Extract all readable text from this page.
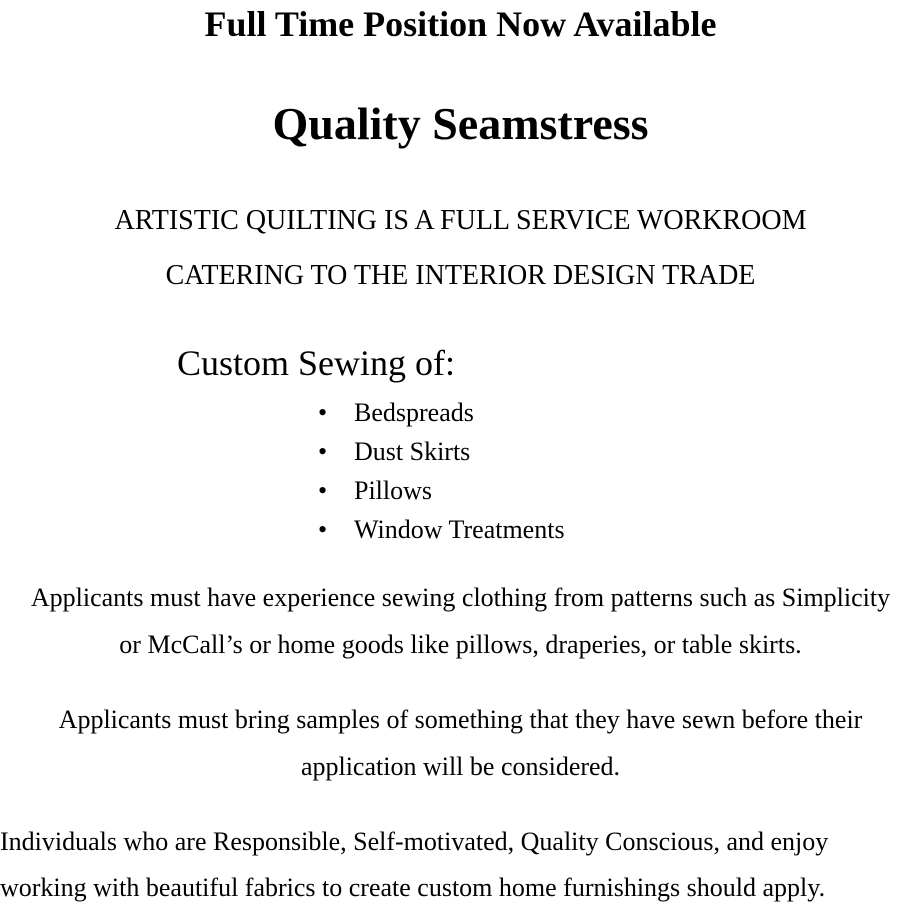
Full Time Position Now Available
Quality Seamstress

ARTISTIC QUILTING IS A FULL SERVICE WORKROOM

CATERING TO THE INTERIOR DESIGN TRADE

Custom Sewing of:

• Bedspreads
• Dust Skirts
• Pillows
• Window Treatments

Applicants must have experience sewing clothing from patterns such as Simplicity

or McCall’s or home goods like pillows, draperies, or table skirts.

Applicants must bring samples of something that they have sewn before their

application will be considered.

Individuals who are Responsible, Self-motivated, Quality Conscious, and enjoy

working with beautiful fabrics to create custom home furnishings should apply.
